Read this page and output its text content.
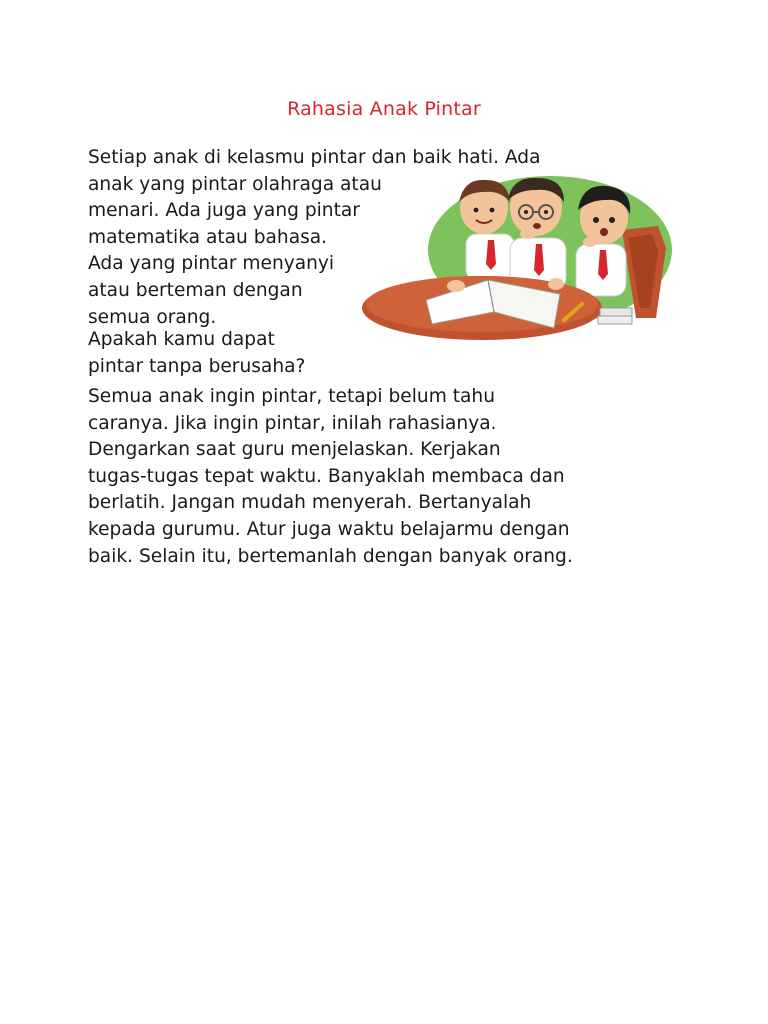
Rahasia Anak Pintar
Setiap anak di kelasmu pintar dan baik hati. Ada
anak yang pintar olahraga atau
menari. Ada juga yang pintar
matematika atau bahasa.
Ada yang pintar menyanyi
atau berteman dengan
semua orang.
Apakah kamu dapat
pintar tanpa berusaha?
Semua anak ingin pintar, tetapi belum tahu
caranya. Jika ingin pintar, inilah rahasianya.
Dengarkan saat guru menjelaskan. Kerjakan
tugas-tugas tepat waktu. Banyaklah membaca dan
berlatih. Jangan mudah menyerah. Bertanyalah
kepada gurumu. Atur juga waktu belajarmu dengan
baik. Selain itu, bertemanlah dengan banyak orang.
